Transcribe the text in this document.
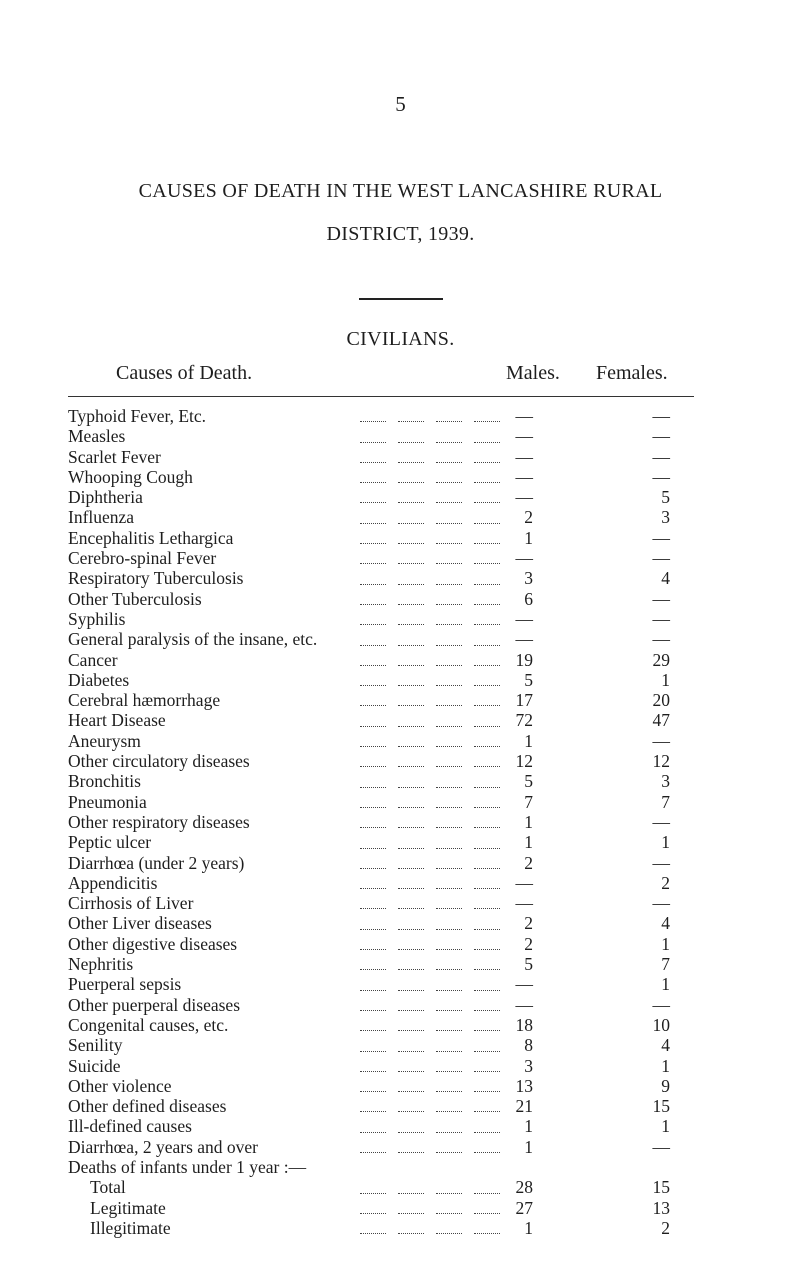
5
CAUSES OF DEATH IN THE WEST LANCASHIRE RURAL
DISTRICT, 1939.
CIVILIANS.
Causes of Death.	Males. Females.
Typhoid Fever, Etc.	—	—
Measles	—	—
Scarlet Fever	—	—
Whooping Cough	—	—
Diphtheria	—	5
Influenza	2	3
Encephalitis Lethargica	1	—
Cerebro-spinal Fever	—	—
Respiratory Tuberculosis	3	4
Other Tuberculosis	6	—
Syphilis	—	—
General paralysis of the insane, etc.	—	—
Cancer	19	29
Diabetes	5	1
Cerebral hæmorrhage	17	20
Heart Disease	72	47
Aneurysm	1	—
Other circulatory diseases	12	12
Bronchitis	5	3
Pneumonia	7	7
Other respiratory diseases	1	—
Peptic ulcer	1	1
Diarrhœa (under 2 years)	2	—
Appendicitis	—	2
Cirrhosis of Liver	—	—
Other Liver diseases	2	4
Other digestive diseases	2	1
Nephritis	5	7
Puerperal sepsis	—	1
Other puerperal diseases	—	—
Congenital causes, etc.	18	10
Senility	8	4
Suicide	3	1
Other violence	13	9
Other defined diseases	21	15
Ill-defined causes	1	1
Diarrhœa, 2 years and over	1	—
Deaths of infants under 1 year :—
Total	28	15
Legitimate	27	13
Illegitimate	1	2
